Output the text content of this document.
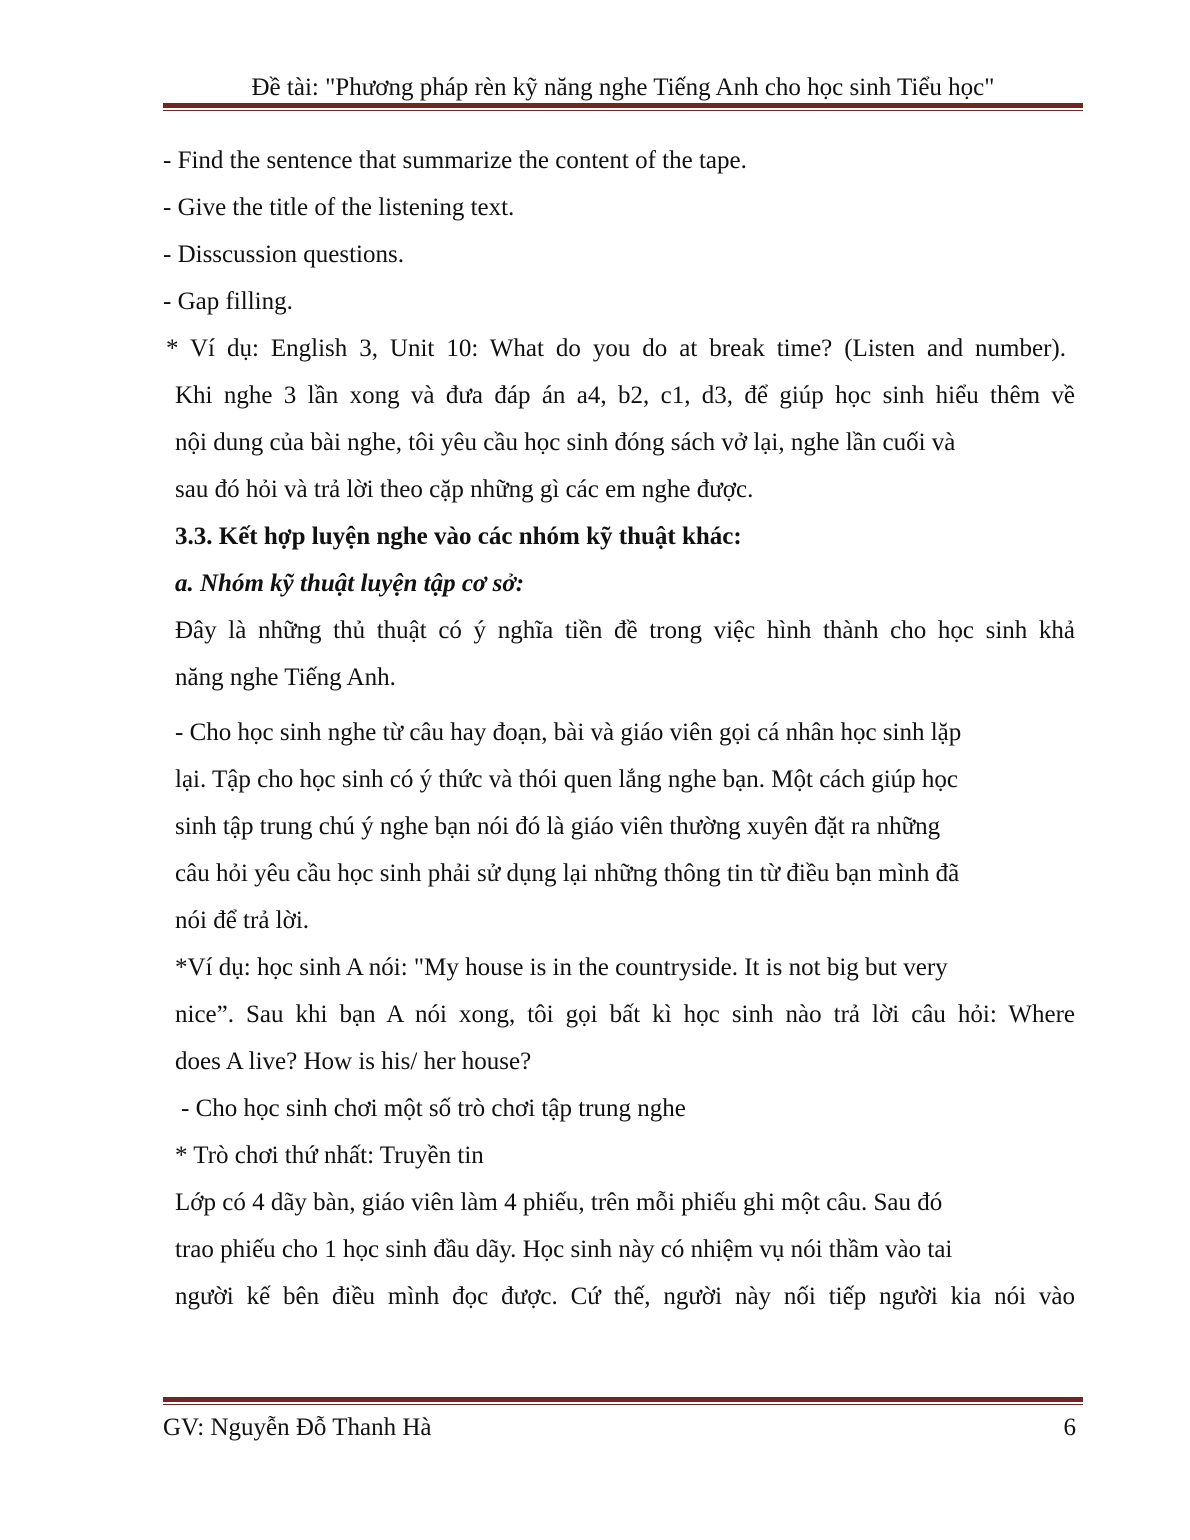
Đề tài: "Phương pháp rèn kỹ năng nghe Tiếng Anh cho học sinh Tiểu học"
- Find the sentence that summarize the content of the tape.
- Give the title of the listening text.
- Disscussion questions.
- Gap filling.
* Ví dụ: English 3, Unit 10: What do you do at break time? (Listen and number).
Khi nghe 3 lần xong và đưa đáp án a4, b2, c1, d3, để giúp học sinh hiểu thêm về
nội dung của bài nghe, tôi yêu cầu học sinh đóng sách vở lại, nghe lần cuối và
sau đó hỏi và trả lời theo cặp những gì các em nghe được.
3.3. Kết hợp luyện nghe vào các nhóm kỹ thuật khác:
a. Nhóm kỹ thuật luyện tập cơ sở:
Đây là những thủ thuật có ý nghĩa tiền đề trong việc hình thành cho học sinh khả
năng nghe Tiếng Anh.
- Cho học sinh nghe từ câu hay đoạn, bài và giáo viên gọi cá nhân học sinh lặp
lại. Tập cho học sinh có ý thức và thói quen lắng nghe bạn. Một cách giúp học
sinh tập trung chú ý nghe bạn nói đó là giáo viên thường xuyên đặt ra những
câu hỏi yêu cầu học sinh phải sử dụng lại những thông tin từ điều bạn mình đã
nói để trả lời.
*Ví dụ: học sinh A nói: "My house is in the countryside. It is not big but very
nice”. Sau khi bạn A nói xong, tôi gọi bất kì học sinh nào trả lời câu hỏi: Where
does A live? How is his/ her house?
- Cho học sinh chơi một số trò chơi tập trung nghe
* Trò chơi thứ nhất: Truyền tin
Lớp có 4 dãy bàn, giáo viên làm 4 phiếu, trên mỗi phiếu ghi một câu. Sau đó
trao phiếu cho 1 học sinh đầu dãy. Học sinh này có nhiệm vụ nói thầm vào tai
người kế bên điều mình đọc được. Cứ thế, người này nối tiếp người kia nói vào
GV: Nguyễn Đỗ Thanh Hà	6
